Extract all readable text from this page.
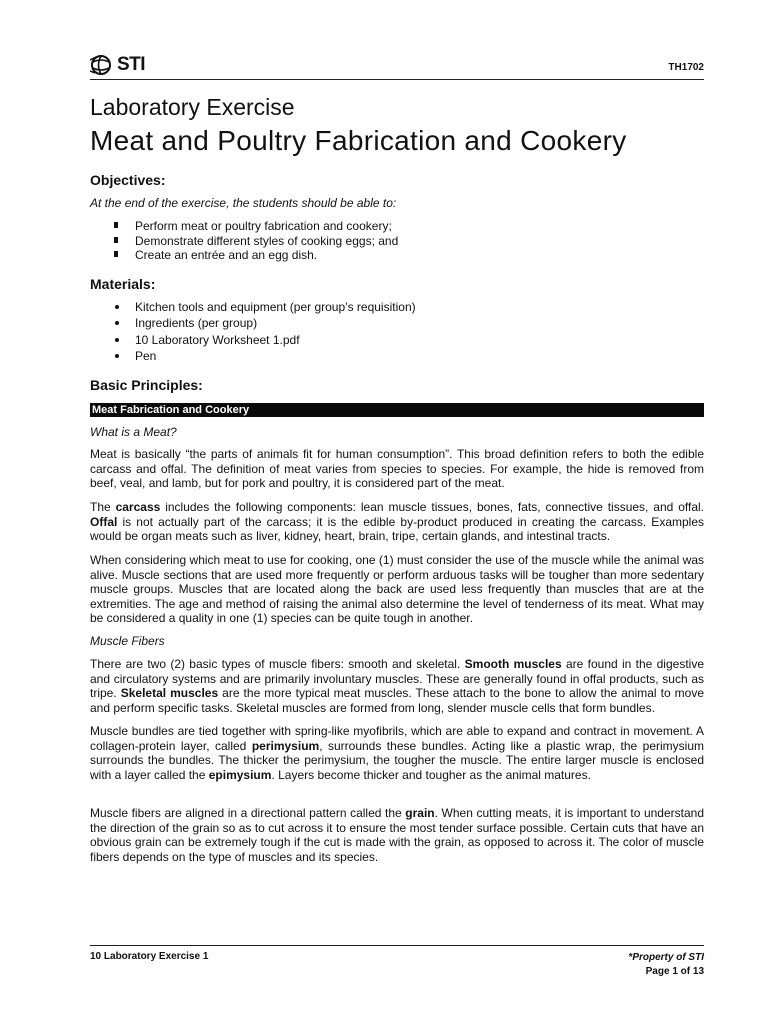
STI	TH1702
Laboratory Exercise
Meat and Poultry Fabrication and Cookery
Objectives:
At the end of the exercise, the students should be able to:
Perform meat or poultry fabrication and cookery;
Demonstrate different styles of cooking eggs; and
Create an entrée and an egg dish.
Materials:
Kitchen tools and equipment (per group’s requisition)
Ingredients (per group)
10 Laboratory Worksheet 1.pdf
Pen
Basic Principles:
Meat Fabrication and Cookery
What is a Meat?

Meat is basically “the parts of animals fit for human consumption”. This broad definition refers to both the edible carcass and offal. The definition of meat varies from species to species. For example, the hide is removed from beef, veal, and lamb, but for pork and poultry, it is considered part of the meat.

The carcass includes the following components: lean muscle tissues, bones, fats, connective tissues, and offal. Offal is not actually part of the carcass; it is the edible by-product produced in creating the carcass. Examples would be organ meats such as liver, kidney, heart, brain, tripe, certain glands, and intestinal tracts.

When considering which meat to use for cooking, one (1) must consider the use of the muscle while the animal was alive. Muscle sections that are used more frequently or perform arduous tasks will be tougher than more sedentary muscle groups. Muscles that are located along the back are used less frequently than muscles that are at the extremities. The age and method of raising the animal also determine the level of tenderness of its meat. What may be considered a quality in one (1) species can be quite tough in another.

Muscle Fibers

There are two (2) basic types of muscle fibers: smooth and skeletal. Smooth muscles are found in the digestive and circulatory systems and are primarily involuntary muscles. These are generally found in offal products, such as tripe. Skeletal muscles are the more typical meat muscles. These attach to the bone to allow the animal to move and perform specific tasks. Skeletal muscles are formed from long, slender muscle cells that form bundles.

Muscle bundles are tied together with spring-like myofibrils, which are able to expand and contract in movement. A collagen-protein layer, called perimysium, surrounds these bundles. Acting like a plastic wrap, the perimysium surrounds the bundles. The thicker the perimysium, the tougher the muscle. The entire larger muscle is enclosed with a layer called the epimysium. Layers become thicker and tougher as the animal matures.

Muscle fibers are aligned in a directional pattern called the grain. When cutting meats, it is important to understand the direction of the grain so as to cut across it to ensure the most tender surface possible. Certain cuts that have an obvious grain can be extremely tough if the cut is made with the grain, as opposed to across it. The color of muscle fibers depends on the type of muscles and its species.

10 Laboratory Exercise 1	*Property of STI
Page 1 of 13
